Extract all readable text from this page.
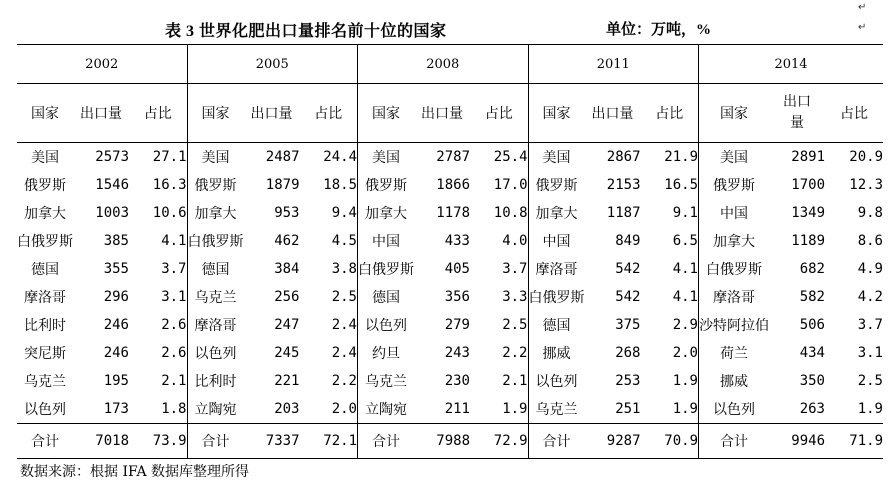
表 3 世界化肥出口量排名前十位的国家	单位：万吨，%
↵
↵
2002			2005			2008			2011			2014		
国家	出口量	占比	国家	出口量	占比	国家	出口量	占比	国家	出口量	占比	国家	出口量	占比
美国	2573	27.1	美国	2487	24.4	美国	2787	25.4	美国	2867	21.9	美国	2891	20.9
俄罗斯	1546	16.3	俄罗斯	1879	18.5	俄罗斯	1866	17.0	俄罗斯	2153	16.5	俄罗斯	1700	12.3
加拿大	1003	10.6	加拿大	953	9.4	加拿大	1178	10.8	加拿大	1187	9.1	中国	1349	9.8
白俄罗斯	385	4.1	白俄罗斯	462	4.5	中国	433	4.0	中国	849	6.5	加拿大	1189	8.6
德国	355	3.7	德国	384	3.8	白俄罗斯	405	3.7	摩洛哥	542	4.1	白俄罗斯	682	4.9
摩洛哥	296	3.1	乌克兰	256	2.5	德国	356	3.3	白俄罗斯	542	4.1	摩洛哥	582	4.2
比利时	246	2.6	摩洛哥	247	2.4	以色列	279	2.5	德国	375	2.9	沙特阿拉伯	506	3.7
突尼斯	246	2.6	以色列	245	2.4	约旦	243	2.2	挪威	268	2.0	荷兰	434	3.1
乌克兰	195	2.1	比利时	221	2.2	乌克兰	230	2.1	以色列	253	1.9	挪威	350	2.5
以色列	173	1.8	立陶宛	203	2.0	立陶宛	211	1.9	乌克兰	251	1.9	以色列	263	1.9
合计	7018	73.9	合计	7337	72.1	合计	7988	72.9	合计	9287	70.9	合计	9946	71.9
数据来源：根据 IFA 数据库整理所得
